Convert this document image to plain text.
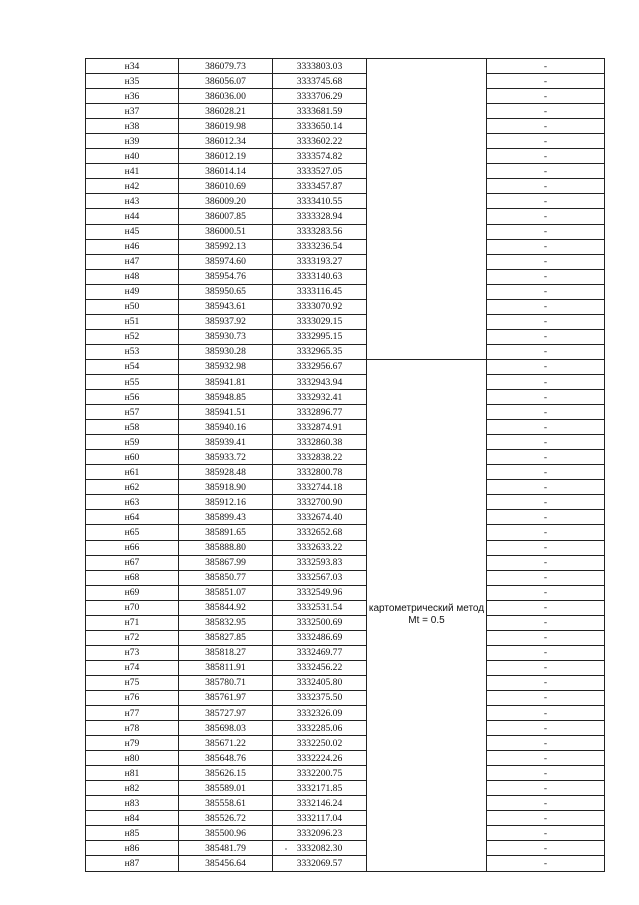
н34	386079.73	3333803.03		-
н35	386056.07	3333745.68		-
н36	386036.00	3333706.29		-
н37	386028.21	3333681.59		-
н38	386019.98	3333650.14		-
н39	386012.34	3333602.22		-
н40	386012.19	3333574.82		-
н41	386014.14	3333527.05		-
н42	386010.69	3333457.87		-
н43	386009.20	3333410.55		-
н44	386007.85	3333328.94		-
н45	386000.51	3333283.56		-
н46	385992.13	3333236.54		-
н47	385974.60	3333193.27		-
н48	385954.76	3333140.63		-
н49	385950.65	3333116.45		-
н50	385943.61	3333070.92		-
н51	385937.92	3333029.15		-
н52	385930.73	3332995.15		-
н53	385930.28	3332965.35		-
н54	385932.98	3332956.67	картометрический метод Mt = 0.5	-
н55	385941.81	3332943.94		-
н56	385948.85	3332932.41		-
н57	385941.51	3332896.77		-
н58	385940.16	3332874.91		-
н59	385939.41	3332860.38		-
н60	385933.72	3332838.22		-
н61	385928.48	3332800.78		-
н62	385918.90	3332744.18		-
н63	385912.16	3332700.90		-
н64	385899.43	3332674.40		-
н65	385891.65	3332652.68		-
н66	385888.80	3332633.22		-
н67	385867.99	3332593.83		-
н68	385850.77	3332567.03		-
н69	385851.07	3332549.96		-
н70	385844.92	3332531.54		-
н71	385832.95	3332500.69		-
н72	385827.85	3332486.69		-
н73	385818.27	3332469.77		-
н74	385811.91	3332456.22		-
н75	385780.71	3332405.80		-
н76	385761.97	3332375.50		-
н77	385727.97	3332326.09		-
н78	385698.03	3332285.06		-
н79	385671.22	3332250.02		-
н80	385648.76	3332224.26		-
н81	385626.15	3332200.75		-
н82	385589.01	3332171.85		-
н83	385558.61	3332146.24		-
н84	385526.72	3332117.04		-
н85	385500.96	3332096.23		-
н86	385481.79	3332082.30		-
н87	385456.64	3332069.57		-
